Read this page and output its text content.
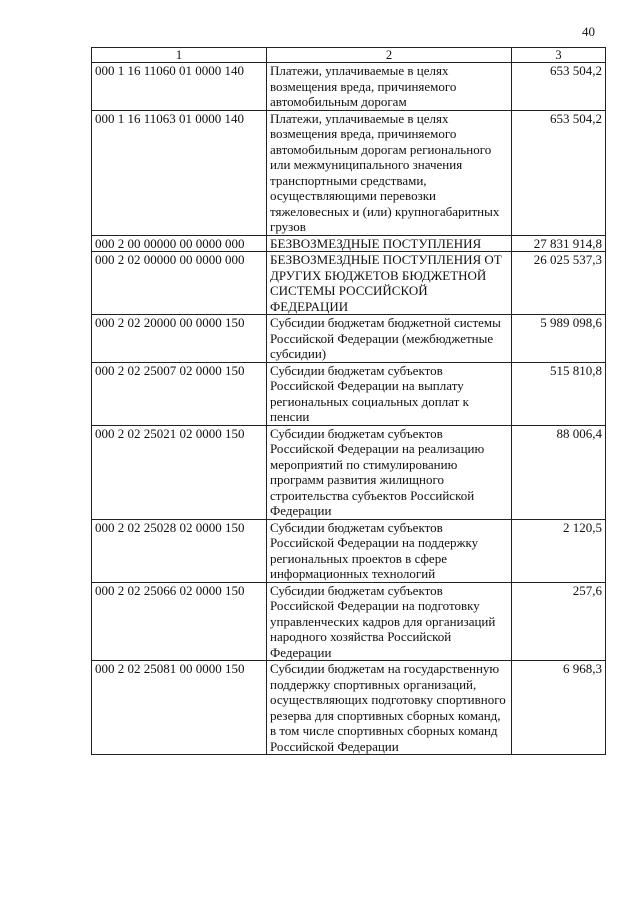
40
1	2	3
000 1 16 11060 01 0000 140	Платежи, уплачиваемые в целях возмещения вреда, причиняемого автомобильным дорогам	653 504,2
000 1 16 11063 01 0000 140	Платежи, уплачиваемые в целях возмещения вреда, причиняемого автомобильным дорогам регионального или межмуниципального значения транспортными средствами, осуществляющими перевозки тяжеловесных и (или) крупногабаритных грузов	653 504,2
000 2 00 00000 00 0000 000	БЕЗВОЗМЕЗДНЫЕ ПОСТУПЛЕНИЯ	27 831 914,8
000 2 02 00000 00 0000 000	БЕЗВОЗМЕЗДНЫЕ ПОСТУПЛЕНИЯ ОТ ДРУГИХ БЮДЖЕТОВ БЮДЖЕТНОЙ СИСТЕМЫ РОССИЙСКОЙ ФЕДЕРАЦИИ	26 025 537,3
000 2 02 20000 00 0000 150	Субсидии бюджетам бюджетной системы Российской Федерации (межбюджетные субсидии)	5 989 098,6
000 2 02 25007 02 0000 150	Субсидии бюджетам субъектов Российской Федерации на выплату региональных социальных доплат к пенсии	515 810,8
000 2 02 25021 02 0000 150	Субсидии бюджетам субъектов Российской Федерации на реализацию мероприятий по стимулированию программ развития жилищного строительства субъектов Российской Федерации	88 006,4
000 2 02 25028 02 0000 150	Субсидии бюджетам субъектов Российской Федерации на поддержку региональных проектов в сфере информационных технологий	2 120,5
000 2 02 25066 02 0000 150	Субсидии бюджетам субъектов Российской Федерации на подготовку управленческих кадров для организаций народного хозяйства Российской Федерации	257,6
000 2 02 25081 00 0000 150	Субсидии бюджетам на государственную поддержку спортивных организаций, осуществляющих подготовку спортивного резерва для спортивных сборных команд, в том числе спортивных сборных команд Российской Федерации	6 968,3
